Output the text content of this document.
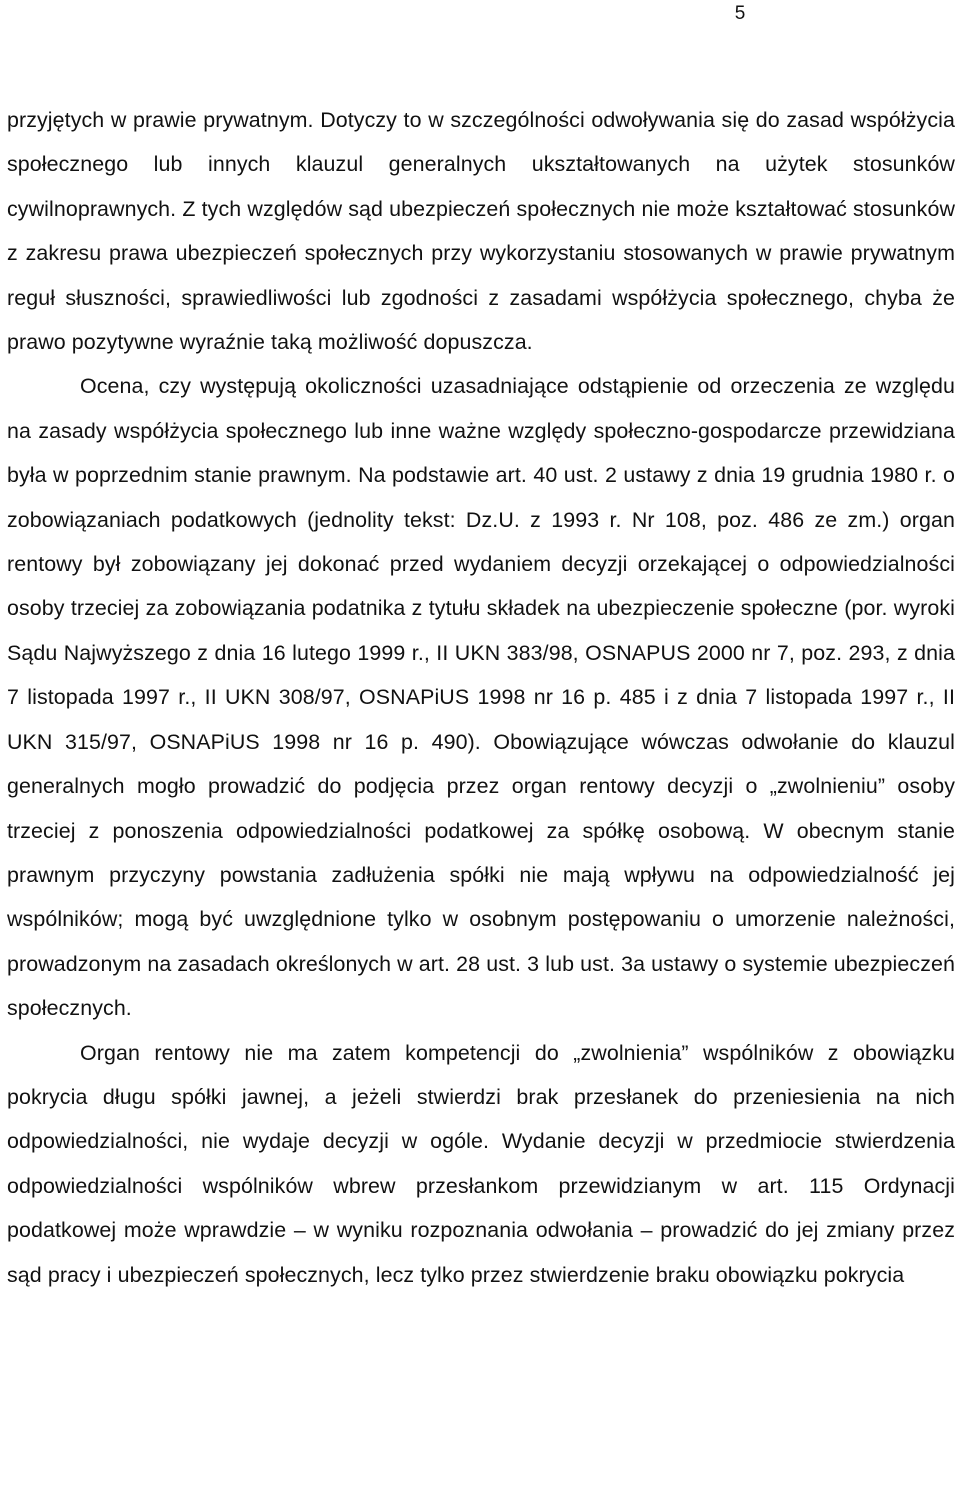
5

przyjętych w prawie prywatnym. Dotyczy to w szczególności odwoływania się do zasad współżycia społecznego lub innych klauzul generalnych ukształtowanych na użytek stosunków cywilnoprawnych. Z tych względów sąd ubezpieczeń społecznych nie może kształtować stosunków z zakresu prawa ubezpieczeń społecznych przy wykorzystaniu stosowanych w prawie prywatnym reguł słuszności, sprawiedliwości lub zgodności z zasadami współżycia społecznego, chyba że prawo pozytywne wyraźnie taką możliwość dopuszcza.

Ocena, czy występują okoliczności uzasadniające odstąpienie od orzeczenia ze względu na zasady współżycia społecznego lub inne ważne względy społeczno-gospodarcze przewidziana była w poprzednim stanie prawnym. Na podstawie art. 40 ust. 2 ustawy z dnia 19 grudnia 1980 r. o zobowiązaniach podatkowych (jednolity tekst: Dz.U. z 1993 r. Nr 108, poz. 486 ze zm.) organ rentowy był zobowiązany jej dokonać przed wydaniem decyzji orzekającej o odpowiedzialności osoby trzeciej za zobowiązania podatnika z tytułu składek na ubezpieczenie społeczne (por. wyroki Sądu Najwyższego z dnia 16 lutego 1999 r., II UKN 383/98, OSNAPUS 2000 nr 7, poz. 293, z dnia 7 listopada 1997 r., II UKN 308/97, OSNAPiUS 1998 nr 16 p. 485 i z dnia 7 listopada 1997 r., II UKN 315/97, OSNAPiUS 1998 nr 16 p. 490). Obowiązujące wówczas odwołanie do klauzul generalnych mogło prowadzić do podjęcia przez organ rentowy decyzji o „zwolnieniu” osoby trzeciej z ponoszenia odpowiedzialności podatkowej za spółkę osobową. W obecnym stanie prawnym przyczyny powstania zadłużenia spółki nie mają wpływu na odpowiedzialność jej wspólników; mogą być uwzględnione tylko w osobnym postępowaniu o umorzenie należności, prowadzonym na zasadach określonych w art. 28 ust. 3 lub ust. 3a ustawy o systemie ubezpieczeń społecznych.

Organ rentowy nie ma zatem kompetencji do „zwolnienia” wspólników z obowiązku pokrycia długu spółki jawnej, a jeżeli stwierdzi brak przesłanek do przeniesienia na nich odpowiedzialności, nie wydaje decyzji w ogóle. Wydanie decyzji w przedmiocie stwierdzenia odpowiedzialności wspólników wbrew przesłankom przewidzianym w art. 115 Ordynacji podatkowej może wprawdzie – w wyniku rozpoznania odwołania – prowadzić do jej zmiany przez sąd pracy i ubezpieczeń społecznych, lecz tylko przez stwierdzenie braku obowiązku pokrycia
